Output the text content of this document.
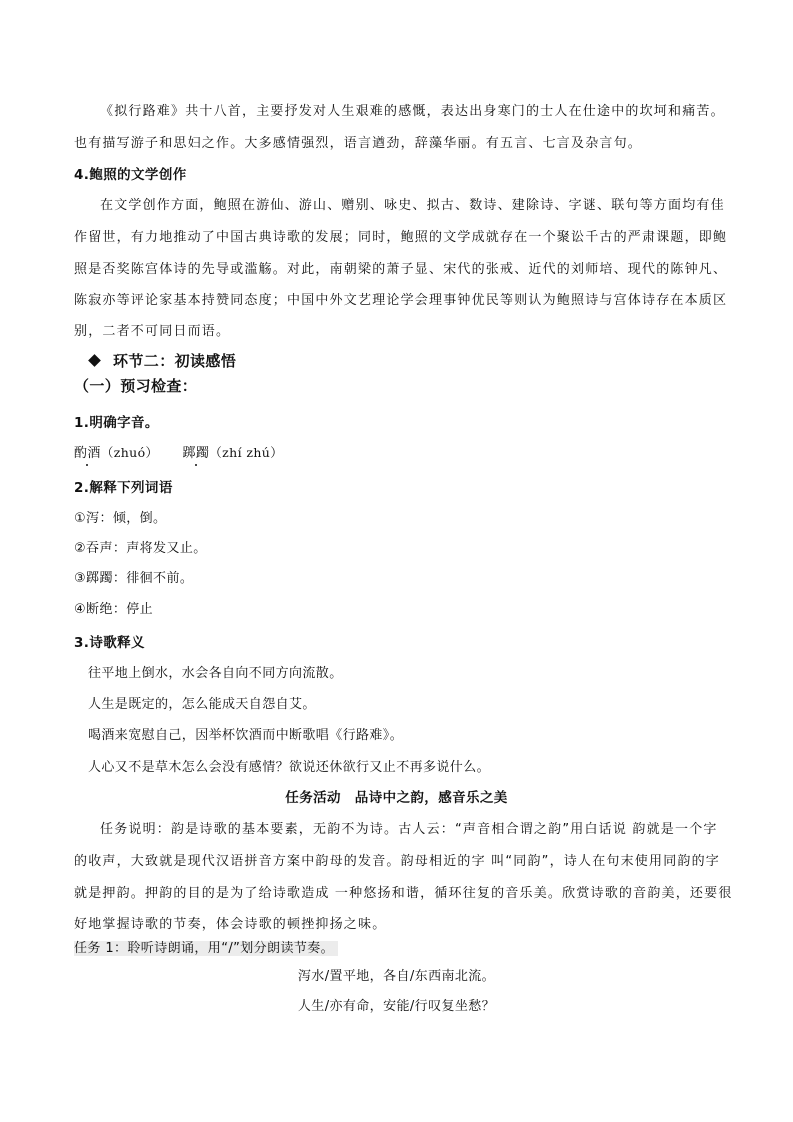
《拟行路难》共十八首，主要抒发对人生艰难的感慨，表达出身寒门的士人在仕途中的坎坷和痛苦。
也有描写游子和思妇之作。大多感情强烈，语言遒劲，辞藻华丽。有五言、七言及杂言句。
4.鲍照的文学创作
在文学创作方面，鲍照在游仙、游山、赠别、咏史、拟古、数诗、建除诗、字谜、联句等方面均有佳
作留世，有力地推动了中国古典诗歌的发展；同时，鲍照的文学成就存在一个聚讼千古的严肃课题，即鲍
照是否奖陈宫体诗的先导或滥觞。对此，南朝梁的萧子显、宋代的张戒、近代的刘师培、现代的陈钟凡、
陈寂亦等评论家基本持赞同态度；中国中外文艺理论学会理事钟优民等则认为鲍照诗与宫体诗存在本质区
别，二者不可同日而语。
环节二：初读感悟
（一）预习检查：
1.明确字音。
酌酒（zhuó） 踯躅（zhí zhú）
2.解释下列词语
①泻：倾，倒。
②吞声：声将发又止。
③踯躅：徘徊不前。
④断绝：停止
3.诗歌释义
往平地上倒水，水会各自向不同方向流散。
人生是既定的，怎么能成天自怨自艾。
喝酒来宽慰自己，因举杯饮酒而中断歌唱《行路难》。
人心又不是草木怎么会没有感情？欲说还休欲行又止不再多说什么。
任务活动　品诗中之韵，感音乐之美
任务说明：韵是诗歌的基本要素，无韵不为诗。古人云：“声音相合谓之韵”用白话说 韵就是一个字
的收声，大致就是现代汉语拼音方案中韵母的发音。韵母相近的字 叫“同韵”，诗人在句末使用同韵的字
就是押韵。押韵的目的是为了给诗歌造成 一种悠扬和谐，循环往复的音乐美。欣赏诗歌的音韵美，还要很
好地掌握诗歌的节奏，体会诗歌的顿挫抑扬之味。
任务 1：聆听诗朗诵，用“/”划分朗读节奏。
泻水/置平地，各自/东西南北流。
人生/亦有命，安能/行叹复坐愁？
